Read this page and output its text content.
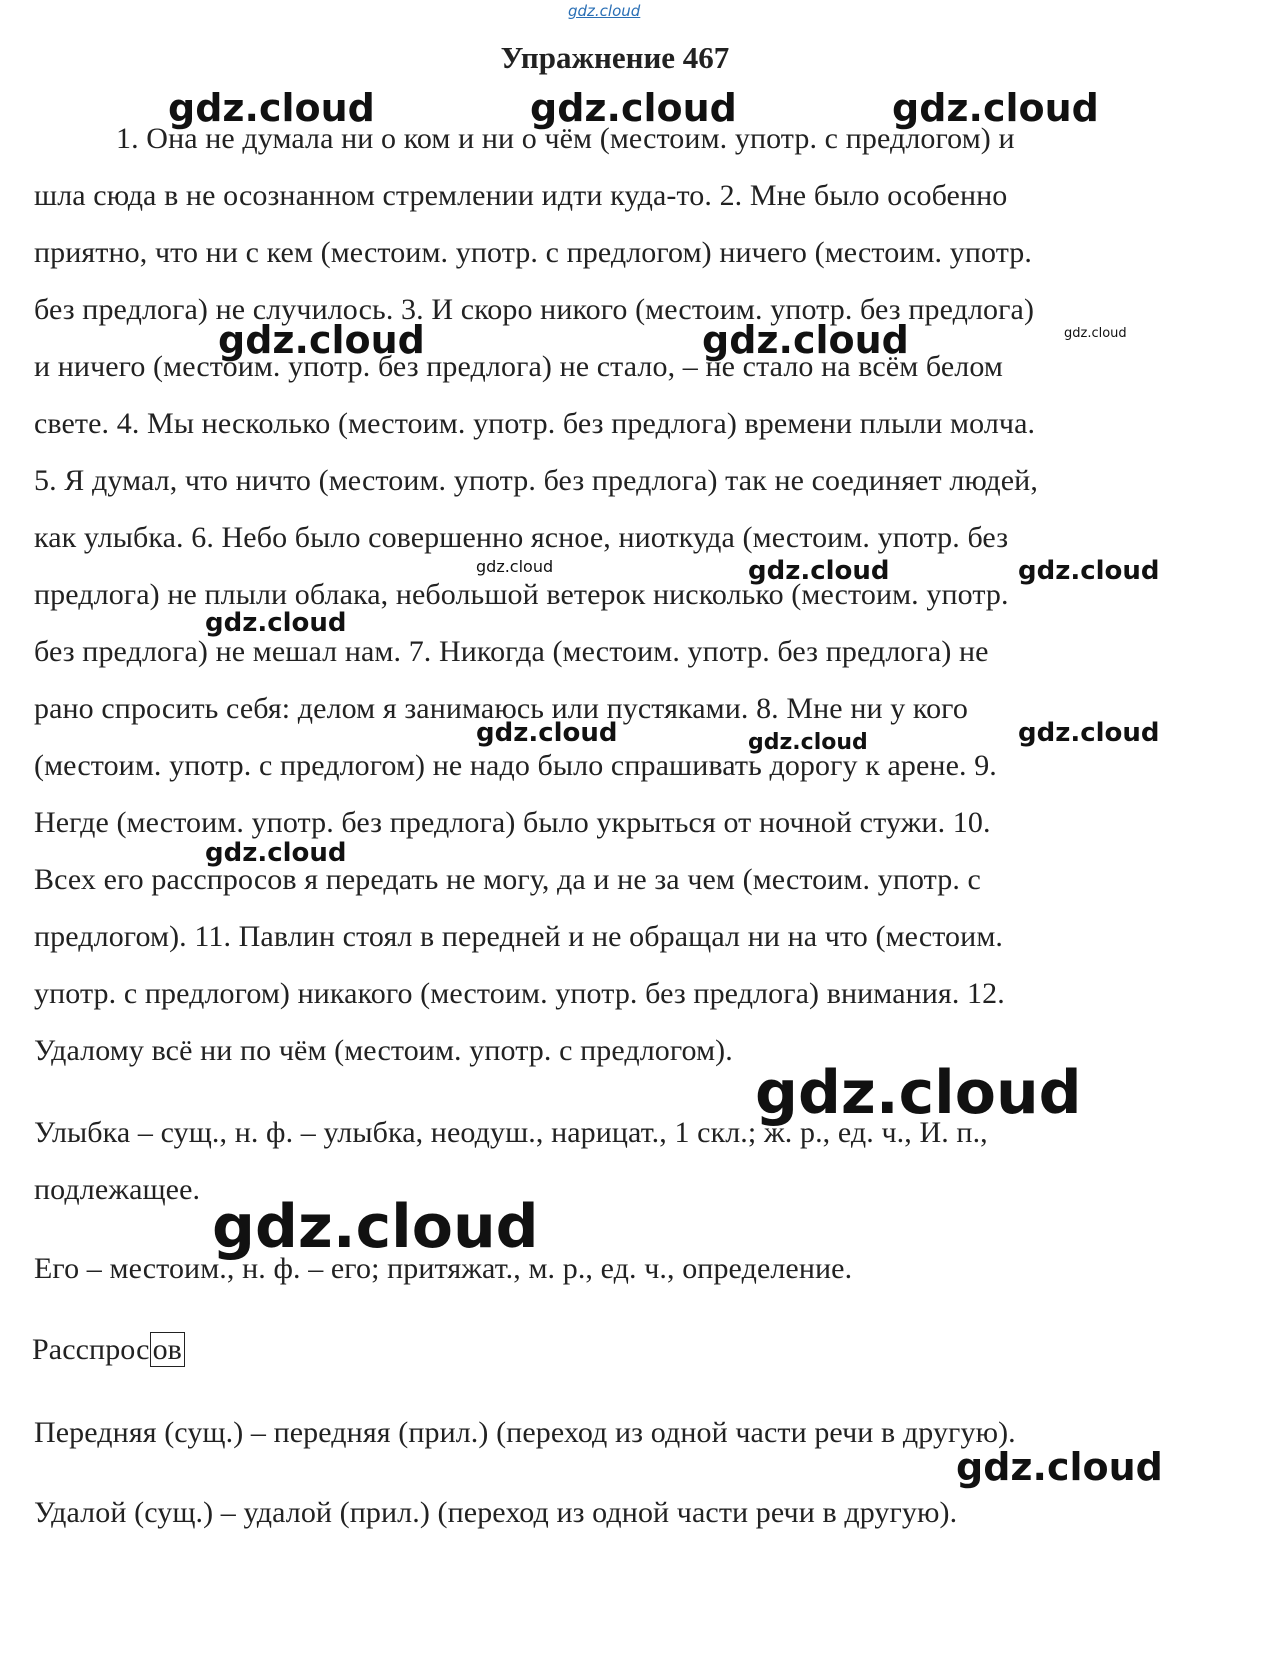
gdz.cloud
gdz.cloud	gdz.cloud	gdz.cloud
gdz.cloud	gdz.cloud	gdz.cloud
gdz.cloud	gdz.cloud	gdz.cloud
gdz.cloud
gdz.cloud	gdz.cloud	gdz.cloud
gdz.cloud
gdz.cloud
gdz.cloud
gdz.cloud
Упражнение 467
1. Она не думала ни о ком и ни о чём (местоим. употр. с предлогом) и
шла сюда в не осознанном стремлении идти куда-то. 2. Мне было особенно
приятно, что ни с кем (местоим. употр. с предлогом) ничего (местоим. употр.
без предлога) не случилось. 3. И скоро никого (местоим. употр. без предлога)
и ничего (местоим. употр. без предлога) не стало, – не стало на всём белом
свете. 4. Мы несколько (местоим. употр. без предлога) времени плыли молча.
5. Я думал, что ничто (местоим. употр. без предлога) так не соединяет людей,
как улыбка. 6. Небо было совершенно ясное, ниоткуда (местоим. употр. без
предлога) не плыли облака, небольшой ветерок нисколько (местоим. употр.
без предлога) не мешал нам. 7. Никогда (местоим. употр. без предлога) не
рано спросить себя: делом я занимаюсь или пустяками. 8. Мне ни у кого
(местоим. употр. с предлогом) не надо было спрашивать дорогу к арене. 9.
Негде (местоим. употр. без предлога) было укрыться от ночной стужи. 10.
Всех его расспросов я передать не могу, да и не за чем (местоим. употр. с
предлогом). 11. Павлин стоял в передней и не обращал ни на что (местоим.
употр. с предлогом) никакого (местоим. употр. без предлога) внимания. 12.
Удалому всё ни по чём (местоим. употр. с предлогом).
Улыбка – сущ., н. ф. – улыбка, неодуш., нарицат., 1 скл.; ж. р., ед. ч., И. п.,
подлежащее.
Его – местоим., н. ф. – его; притяжат., м. р., ед. ч., определение.
Расспрос ов
Передняя (сущ.) – передняя (прил.) (переход из одной части речи в другую).
Удалой (сущ.) – удалой (прил.) (переход из одной части речи в другую).
